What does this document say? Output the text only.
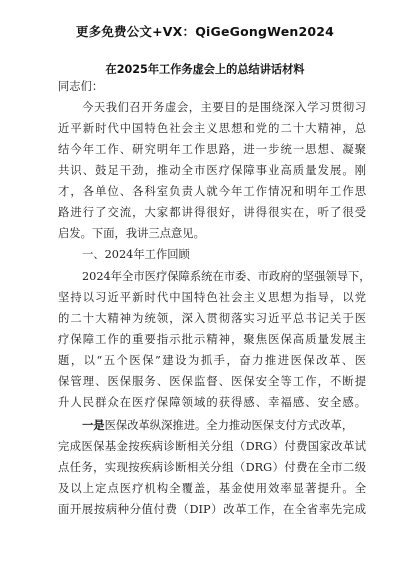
更多免费公文+VX：QiGeGongWen2024
在2025年工作务虚会上的总结讲话材料
同志们：
今天我们召开务虚会，主要目的是围绕深入学习贯彻习
近平新时代中国特色社会主义思想和党的二十大精神，总
结今年工作、研究明年工作思路，进一步统一思想、凝聚
共识、鼓足干劲，推动全市医疗保障事业高质量发展。刚
才，各单位、各科室负责人就今年工作情况和明年工作思
路进行了交流，大家都讲得很好，讲得很实在，听了很受
启发。下面，我讲三点意见。
一、2024年工作回顾
2024年全市医疗保障系统在市委、市政府的坚强领导下，
坚持以习近平新时代中国特色社会主义思想为指导，以党
的二十大精神为统领，深入贯彻落实习近平总书记关于医
疗保障工作的重要指示批示精神，聚焦医保高质量发展主
题，以“五个医保”建设为抓手，奋力推进医保改革、医
保管理、医保服务、医保监督、医保安全等工作，不断提
升人民群众在医疗保障领域的获得感、幸福感、安全感。
一是医保改革纵深推进。全力推动医保支付方式改革，
完成医保基金按疾病诊断相关分组（DRG）付费国家改革试
点任务，实现按疾病诊断相关分组（DRG）付费在全市二级
及以上定点医疗机构全覆盖，基金使用效率显著提升。全
面开展按病种分值付费（DIP）改革工作，在全省率先完成
